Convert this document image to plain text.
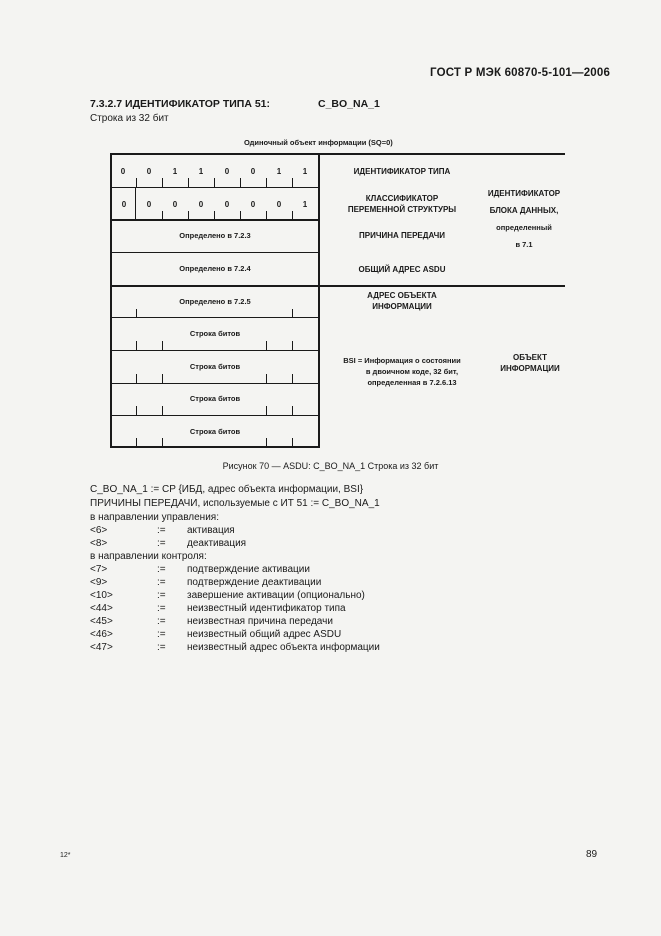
ГОСТ Р МЭК 60870-5-101—2006
7.3.2.7 ИДЕНТИФИКАТОР ТИПА 51:	C_BO_NA_1
Строка из 32 бит
Одиночный объект информации (SQ=0)
0	0	1	1	0	0	1	1
0	0	0	0	0	0	0	1
Определено в 7.2.3
Определено в 7.2.4
Определено в 7.2.5
Строка битов
Строка битов
Строка битов
Строка битов
ИДЕНТИФИКАТОР ТИПА
КЛАССИФИКАТОР
ПЕРЕМЕННОЙ СТРУКТУРЫ
ПРИЧИНА ПЕРЕДАЧИ
ОБЩИЙ АДРЕС ASDU
АДРЕС ОБЪЕКТА
ИНФОРМАЦИИ
BSI = Информация о состоянии
в двоичном коде, 32 бит,
определенная в 7.2.6.13
ИДЕНТИФИКАТОР
БЛОКА ДАННЫХ,
определенный
в 7.1
ОБЪЕКТ
ИНФОРМАЦИИ
Рисунок 70 — ASDU: C_BO_NA_1 Строка из 32 бит
C_BO_NA_1 := CP {ИБД, адрес объекта информации, BSI}
ПРИЧИНЫ ПЕРЕДАЧИ, используемые с ИТ 51 := C_BO_NA_1
в направлении управления:
<6>	:= активация
<8>	:= деактивация
в направлении контроля:
<7>	:= подтверждение активации
<9>	:= подтверждение деактивации
<10>	:= завершение активации (опционально)
<44>	:= неизвестный идентификатор типа
<45>	:= неизвестная причина передачи
<46>	:= неизвестный общий адрес ASDU
<47>	:= неизвестный адрес объекта информации
12*	89
